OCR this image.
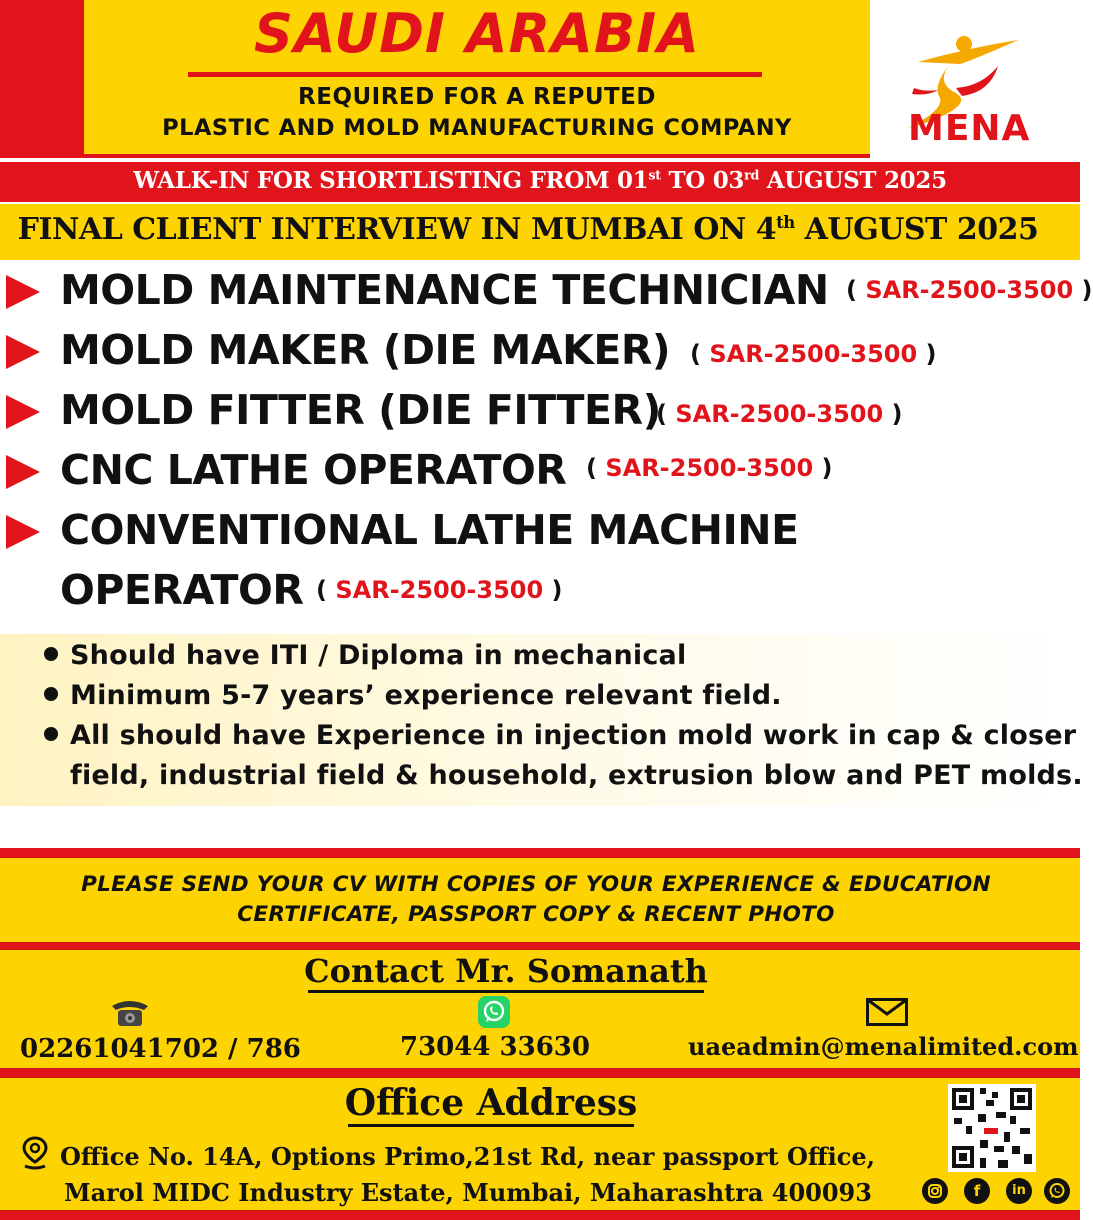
SAUDI ARABIA
REQUIRED FOR A REPUTED
PLASTIC AND MOLD MANUFACTURING COMPANY	MENA
WALK-IN FOR SHORTLISTING FROM 01st TO 03rd AUGUST 2025
FINAL CLIENT INTERVIEW IN MUMBAI ON 4th AUGUST 2025
MOLD MAINTENANCE TECHNICIAN ( SAR-2500-3500 )
MOLD MAKER (DIE MAKER) ( SAR-2500-3500 )
MOLD FITTER (DIE FITTER)
( SAR-2500-3500 )
CNC LATHE OPERATOR ( SAR-2500-3500 )
CONVENTIONAL LATHE MACHINE
OPERATOR ( SAR-2500-3500 )
Should have ITI / Diploma in mechanical
Minimum 5-7 years’ experience relevant field.
All should have Experience in injection mold work in cap & closer
field, industrial field & household, extrusion blow and PET molds.
PLEASE SEND YOUR CV WITH COPIES OF YOUR EXPERIENCE & EDUCATION
CERTIFICATE, PASSPORT COPY & RECENT PHOTO
Contact Mr. Somanath
02261041702 / 786	73044 33630	uaeadmin@menalimited.com
Office Address
Office No. 14A, Options Primo,21st Rd, near passport Office,
Marol MIDC Industry Estate, Mumbai, Maharashtra 400093	f	in
